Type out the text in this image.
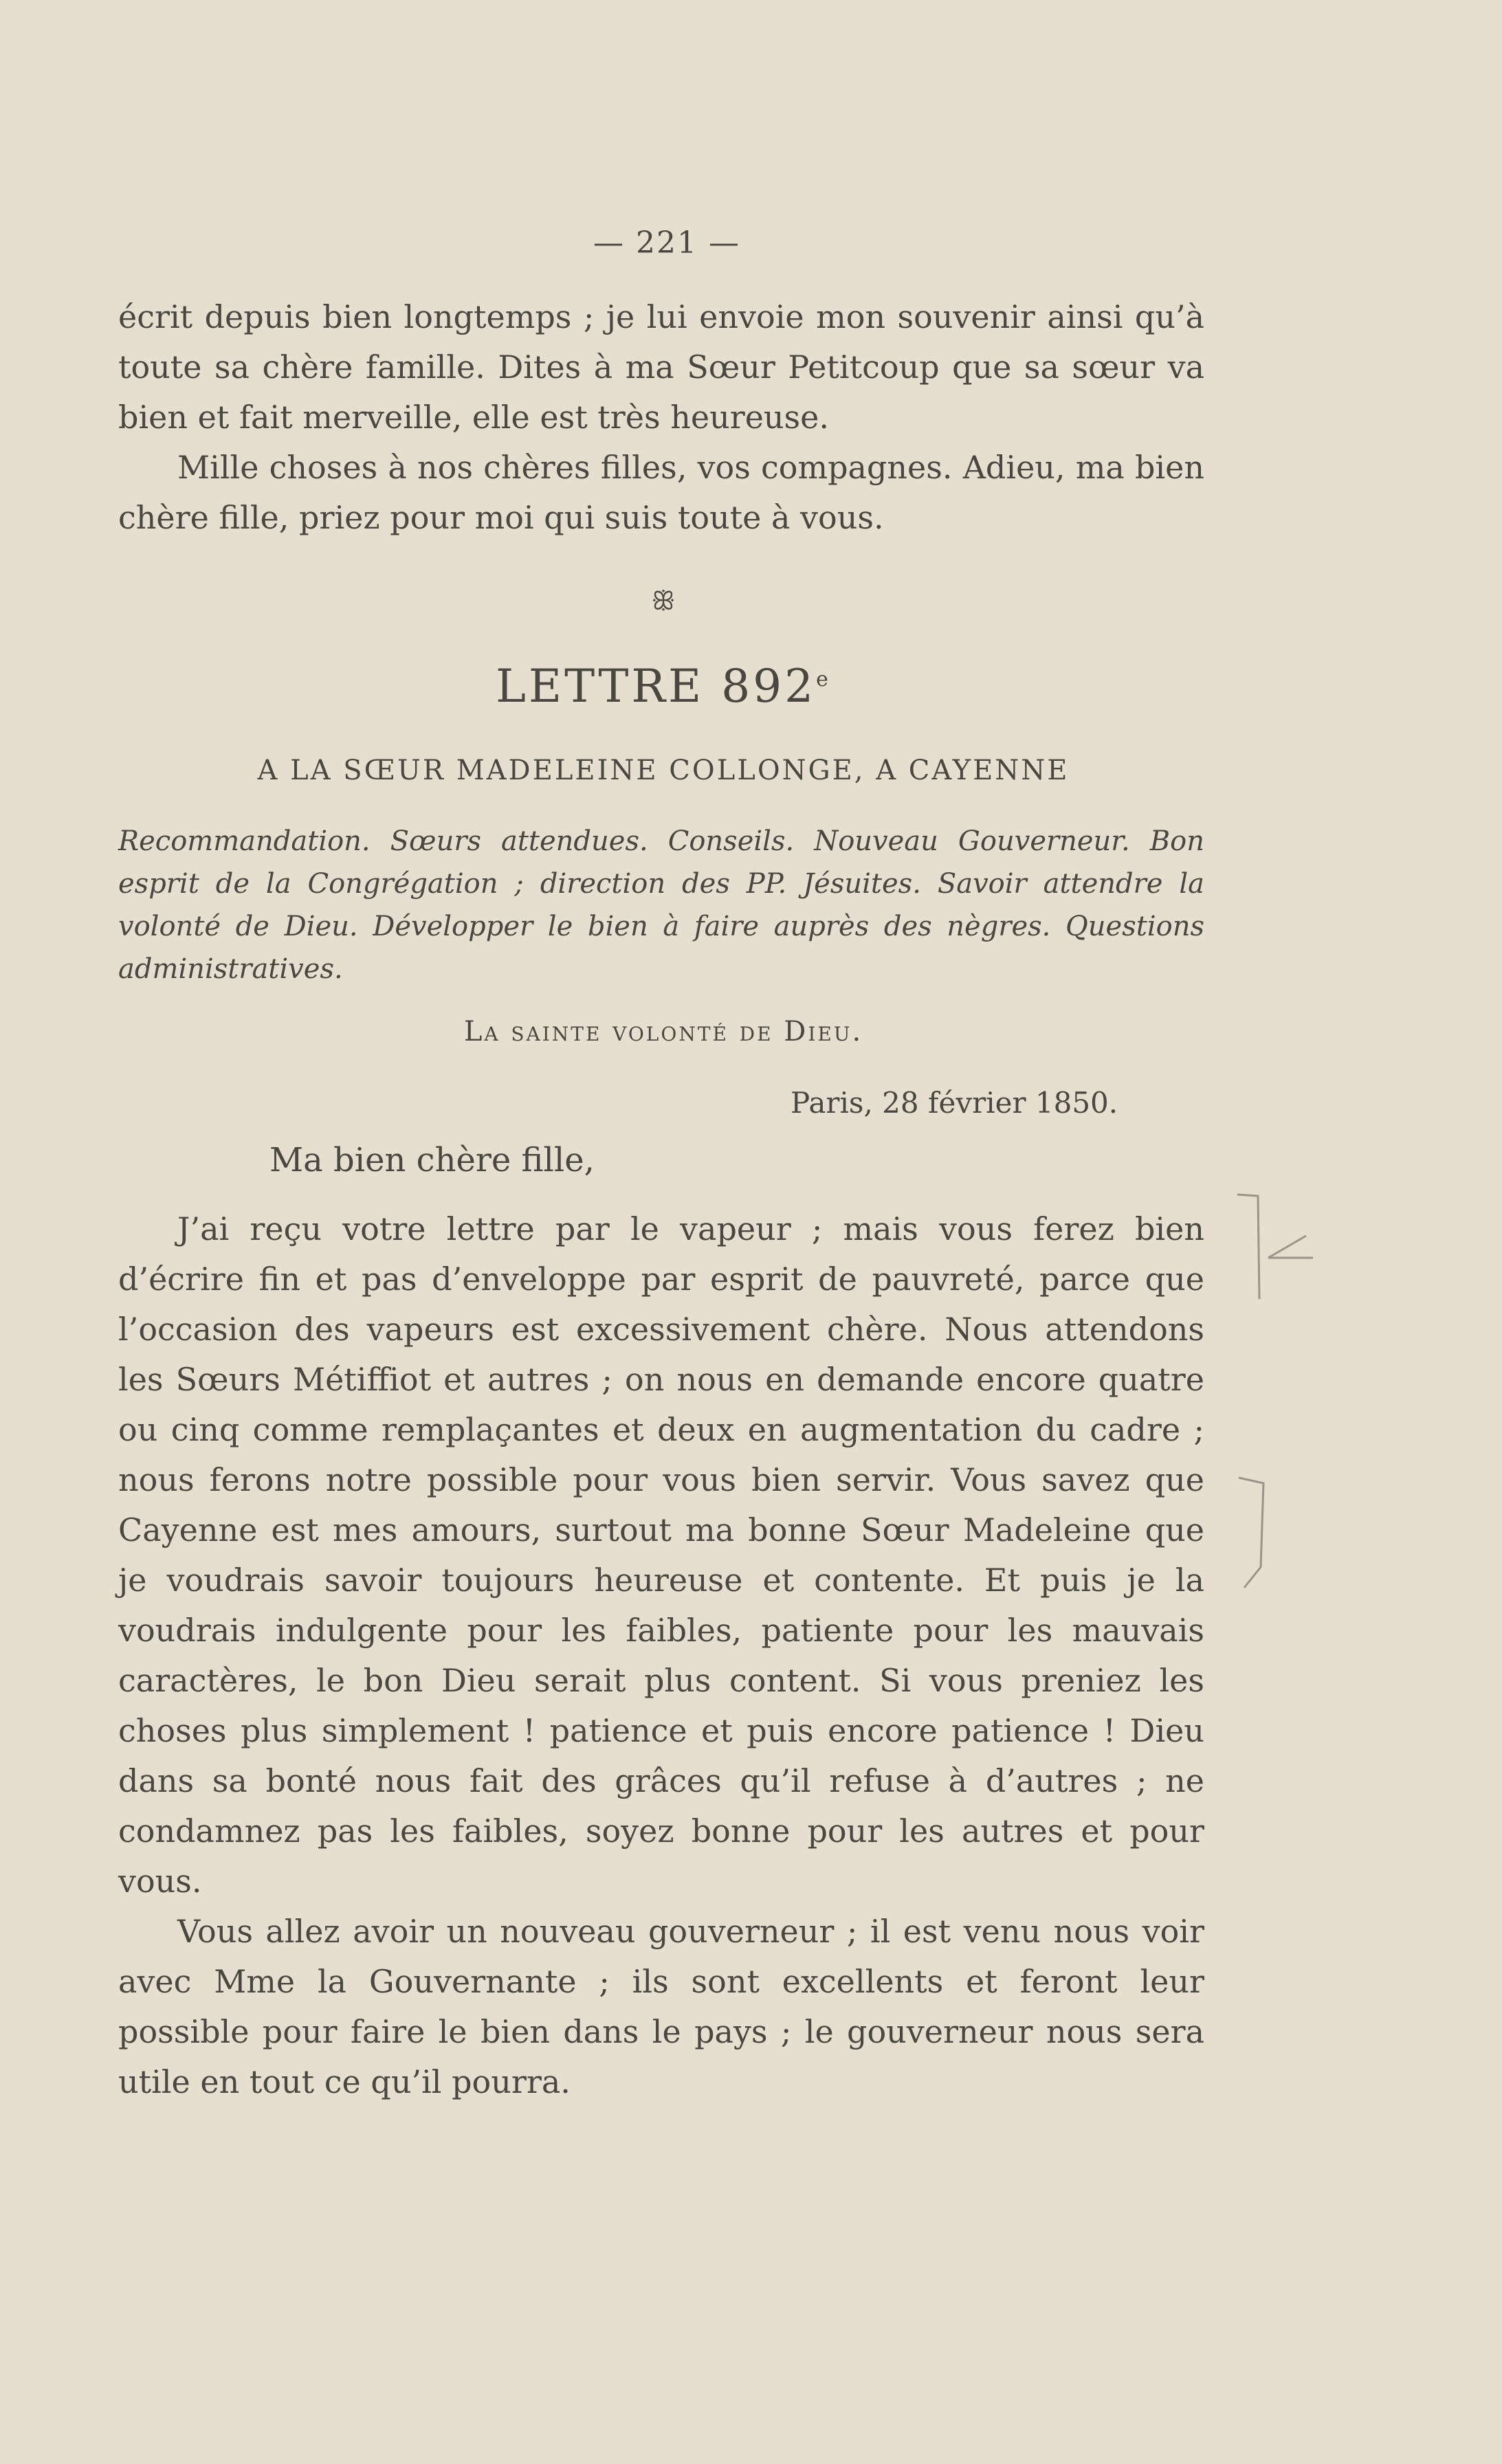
— 221 —

écrit depuis bien longtemps ; je lui envoie mon souvenir ainsi qu’à toute sa chère famille. Dites à ma Sœur Petitcoup que sa sœur va bien et fait merveille, elle est très heureuse.

Mille choses à nos chères filles, vos compagnes. Adieu, ma bien chère fille, priez pour moi qui suis toute à vous.

ꕥ
LETTRE 892e
A LA SŒUR MADELEINE COLLONGE, A CAYENNE
Recommandation. Sœurs attendues. Conseils. Nouveau Gouverneur. Bon esprit de la Congrégation ; direction des PP. Jésuites. Savoir attendre la volonté de Dieu. Développer le bien à faire auprès des nègres. Questions administratives.
La sainte volonté de Dieu.
Paris, 28 février 1850.
Ma bien chère fille,

J’ai reçu votre lettre par le vapeur ; mais vous ferez bien d’écrire fin et pas d’enveloppe par esprit de pauvreté, parce que l’occasion des vapeurs est excessivement chère. Nous attendons les Sœurs Métiffiot et autres ; on nous en demande encore quatre ou cinq comme remplaçantes et deux en augmentation du cadre ; nous ferons notre possible pour vous bien servir. Vous savez que Cayenne est mes amours, surtout ma bonne Sœur Madeleine que je voudrais savoir toujours heureuse et contente. Et puis je la voudrais indulgente pour les faibles, patiente pour les mauvais caractères, le bon Dieu serait plus content. Si vous preniez les choses plus simplement ! patience et puis encore patience ! Dieu dans sa bonté nous fait des grâces qu’il refuse à d’autres ; ne condamnez pas les faibles, soyez bonne pour les autres et pour vous.

Vous allez avoir un nouveau gouverneur ; il est venu nous voir avec Mme la Gouvernante ; ils sont excellents et feront leur possible pour faire le bien dans le pays ; le gouverneur nous sera utile en tout ce qu’il pourra.
